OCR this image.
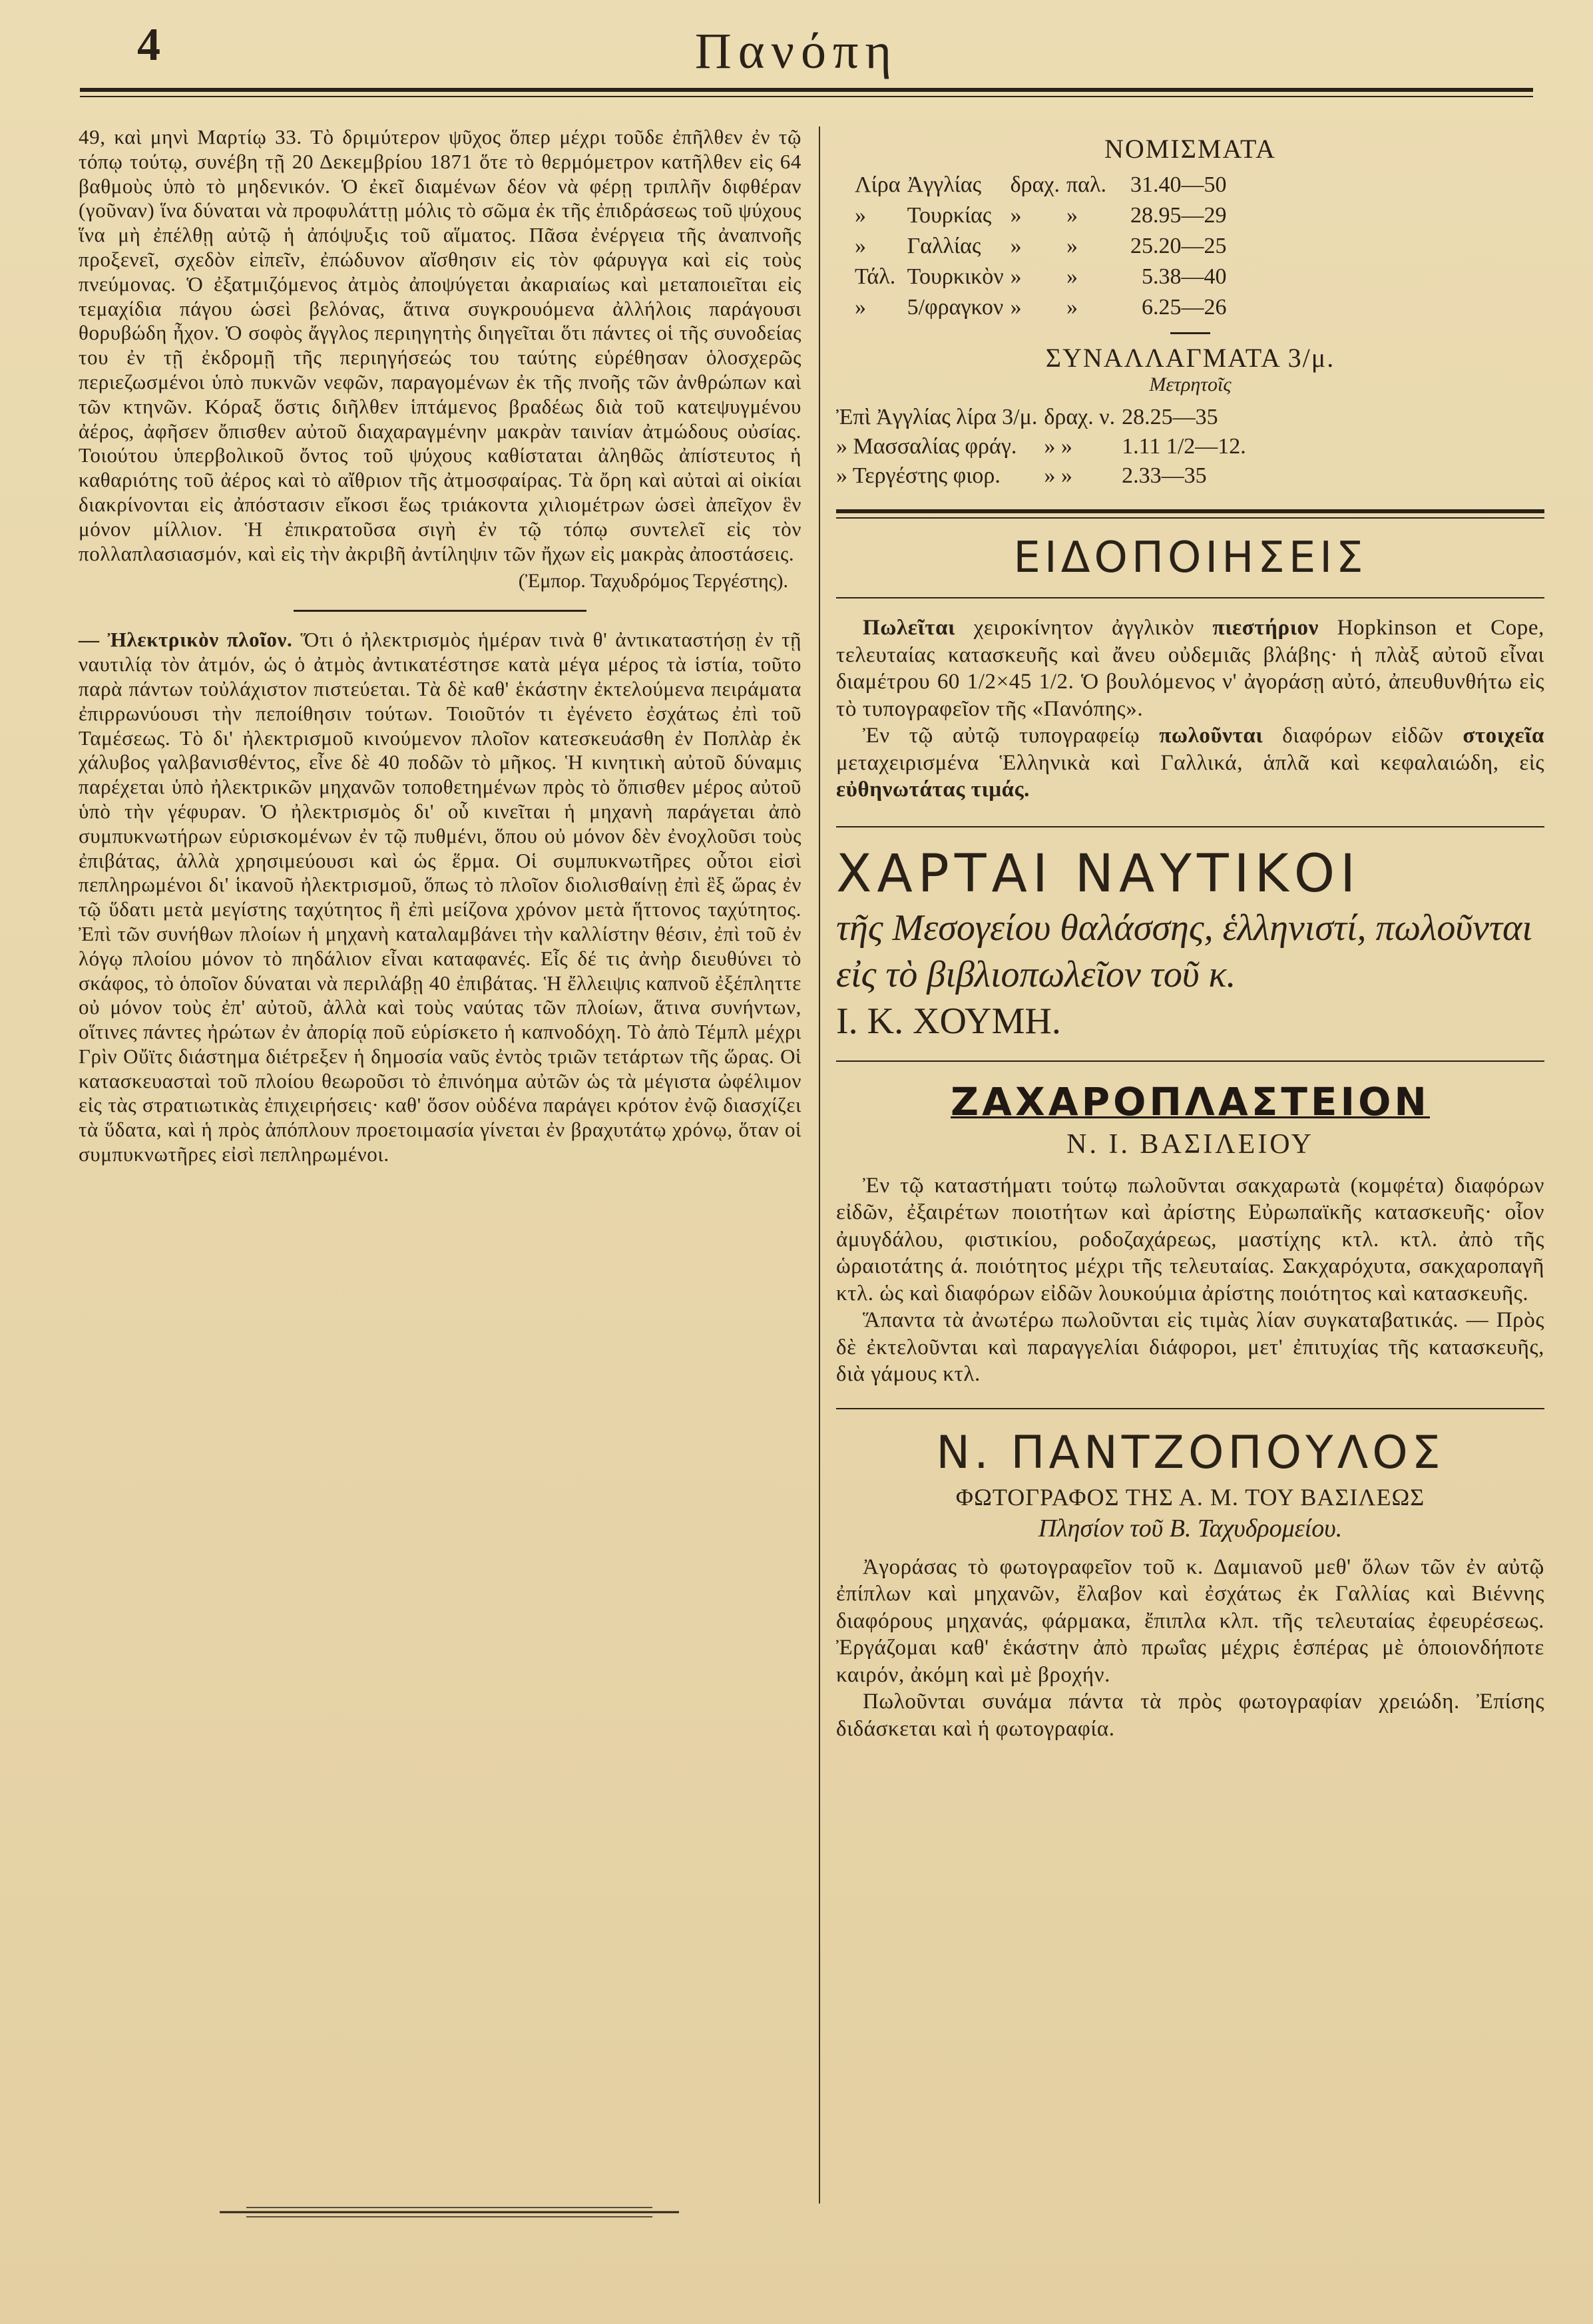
4	Πανόπη

49, καὶ μηνὶ Μαρτίῳ 33. Τὸ δριμύτερον ψῦχος ὅπερ μέχρι τοῦδε ἐπῆλθεν ἐν τῷ τόπῳ τούτῳ, συνέβη τῇ 20 Δεκεμβρίου 1871 ὅτε τὸ θερμόμετρον κατῆλθεν εἰς 64 βαθμοὺς ὑπὸ τὸ μηδενικόν. Ὁ ἐκεῖ διαμένων δέον νὰ φέρῃ τριπλῆν διφθέραν (γοῦναν) ἵνα δύναται νὰ προφυλάττῃ μόλις τὸ σῶμα ἐκ τῆς ἐπιδράσεως τοῦ ψύχους ἵνα μὴ ἐπέλθῃ αὐτῷ ἡ ἀπόψυξις τοῦ αἵματος. Πᾶσα ἐνέργεια τῆς ἀναπνοῆς προξενεῖ, σχεδὸν εἰπεῖν, ἐπώδυνον αἴσθησιν εἰς τὸν φάρυγγα καὶ εἰς τοὺς πνεύμονας. Ὁ ἐξατμιζόμενος ἀτμὸς ἀποψύγεται ἀκαριαίως καὶ μεταποιεῖται εἰς τεμαχίδια πάγου ὡσεὶ βελόνας, ἅτινα συγκρουόμενα ἀλλήλοις παράγουσι θορυβώδη ἦχον. Ὁ σοφὸς ἄγγλος περιηγητὴς διηγεῖται ὅτι πάντες οἱ τῆς συνοδείας του ἐν τῇ ἐκδρομῇ τῆς περιηγήσεώς του ταύτης εὑρέθησαν ὁλοσχερῶς περιεζωσμένοι ὑπὸ πυκνῶν νεφῶν, παραγομένων ἐκ τῆς πνοῆς τῶν ἀνθρώπων καὶ τῶν κτηνῶν. Κόραξ ὅστις διῆλθεν ἱπτάμενος βραδέως διὰ τοῦ κατεψυγμένου ἀέρος, ἀφῆσεν ὄπισθεν αὐτοῦ διαχαραγμένην μακρὰν ταινίαν ἀτμώδους οὐσίας. Τοιούτου ὑπερβολικοῦ ὄντος τοῦ ψύχους καθίσταται ἀληθῶς ἀπίστευτος ἡ καθαριότης τοῦ ἀέρος καὶ τὸ αἴθριον τῆς ἀτμοσφαίρας. Τὰ ὄρη καὶ αὐταὶ αἱ οἰκίαι διακρίνονται εἰς ἀπόστασιν εἴκοσι ἕως τριάκοντα χιλιομέτρων ὡσεὶ ἀπεῖχον ἓν μόνον μίλλιον. Ἡ ἐπικρατοῦσα σιγὴ ἐν τῷ τόπῳ συντελεῖ εἰς τὸν πολλαπλασιασμόν, καὶ εἰς τὴν ἀκριβῆ ἀντίληψιν τῶν ἤχων εἰς μακρὰς ἀποστάσεις.

(Ἐμπορ. Ταχυδρόμος Τεργέστης).

— Ἠλεκτρικὸν πλοῖον. Ὅτι ὁ ἠλεκτρισμὸς ἡμέραν τινὰ θ' ἀντικαταστήσῃ ἐν τῇ ναυτιλίᾳ τὸν ἀτμόν, ὡς ὁ ἀτμὸς ἀντικατέστησε κατὰ μέγα μέρος τὰ ἱστία, τοῦτο παρὰ πάντων τοὐλάχιστον πιστεύεται. Τὰ δὲ καθ' ἑκάστην ἐκτελούμενα πειράματα ἐπιρρωνύουσι τὴν πεποίθησιν τούτων. Τοιοῦτόν τι ἐγένετο ἐσχάτως ἐπὶ τοῦ Ταμέσεως. Τὸ δι' ἠλεκτρισμοῦ κινούμενον πλοῖον κατεσκευάσθη ἐν Ποπλὰρ ἐκ χάλυβος γαλβανισθέντος, εἶνε δὲ 40 ποδῶν τὸ μῆκος. Ἡ κινητικὴ αὐτοῦ δύναμις παρέχεται ὑπὸ ἠλεκτρικῶν μηχανῶν τοποθετημένων πρὸς τὸ ὄπισθεν μέρος αὐτοῦ ὑπὸ τὴν γέφυραν. Ὁ ἠλεκτρισμὸς δι' οὗ κινεῖται ἡ μηχανὴ παράγεται ἀπὸ συμπυκνωτήρων εὑρισκομένων ἐν τῷ πυθμένι, ὅπου οὐ μόνον δὲν ἐνοχλοῦσι τοὺς ἐπιβάτας, ἀλλὰ χρησιμεύουσι καὶ ὡς ἕρμα. Οἱ συμπυκνωτῆρες οὗτοι εἰσὶ πεπληρωμένοι δι' ἱκανοῦ ἠλεκτρισμοῦ, ὅπως τὸ πλοῖον διολισθαίνῃ ἐπὶ ἓξ ὥρας ἐν τῷ ὕδατι μετὰ μεγίστης ταχύτητος ἢ ἐπὶ μείζονα χρόνον μετὰ ἥττονος ταχύτητος. Ἐπὶ τῶν συνήθων πλοίων ἡ μηχανὴ καταλαμβάνει τὴν καλλίστην θέσιν, ἐπὶ τοῦ ἐν λόγῳ πλοίου μόνον τὸ πηδάλιον εἶναι καταφανές. Εἷς δέ τις ἀνὴρ διευθύνει τὸ σκάφος, τὸ ὁποῖον δύναται νὰ περιλάβῃ 40 ἐπιβάτας. Ἡ ἔλλειψις καπνοῦ ἐξέπληττε οὐ μόνον τοὺς ἐπ' αὐτοῦ, ἀλλὰ καὶ τοὺς ναύτας τῶν πλοίων, ἅτινα συνήντων, οἵτινες πάντες ἠρώτων ἐν ἀπορίᾳ ποῦ εὑρίσκετο ἡ καπνοδόχη. Τὸ ἀπὸ Τέμπλ μέχρι Γρὶν Οὔϊτς διάστημα διέτρεξεν ἡ δημοσία ναῦς ἐντὸς τριῶν τετάρτων τῆς ὥρας. Οἱ κατασκευασταὶ τοῦ πλοίου θεωροῦσι τὸ ἐπινόημα αὐτῶν ὡς τὰ μέγιστα ὠφέλιμον εἰς τὰς στρατιωτικὰς ἐπιχειρήσεις· καθ' ὅσον οὐδένα παράγει κρότον ἐνῷ διασχίζει τὰ ὕδατα, καὶ ἡ πρὸς ἀπόπλουν προετοιμασία γίνεται ἐν βραχυτάτῳ χρόνῳ, ὅταν οἱ συμπυκνωτῆρες εἰσὶ πεπληρωμένοι.

ΝΟΜΙΣΜΑΤΑ
Λίρα	Ἀγγλίας	δραχ.	παλ.	31.40—50
»	Τουρκίας	»	»	28.95—29
»	Γαλλίας	»	»	25.20—25
Τάλ.	Τουρκικὸν	»	»	5.38—40
»	5/φραγκον	»	»	6.25—26
ΣΥΝΑΛΛΑΓΜΑΤΑ 3/μ.
Μετρητοῖς
Ἐπὶ Ἀγγλίας λίρα 3/μ.	δραχ. ν.	28.25—35
» Μασσαλίας φράγ.	» »	1.11 1/2—12.
» Τεργέστης φιορ.	» »	2.33—35
ΕΙΔΟΠΟΙΗΣΕΙΣ

Πωλεῖται χειροκίνητον ἀγγλικὸν πιεστήριον Hopkinson et Cope, τελευταίας κατασκευῆς καὶ ἄνευ οὐδεμιᾶς βλάβης· ἡ πλὰξ αὐτοῦ εἶναι διαμέτρου 60 1/2×45 1/2. Ὁ βουλόμενος ν' ἀγοράσῃ αὐτό, ἀπευθυνθήτω εἰς τὸ τυπογραφεῖον τῆς «Πανόπης».

Ἐν τῷ αὐτῷ τυπογραφείῳ πωλοῦνται διαφόρων εἰδῶν στοιχεῖα μεταχειρισμένα Ἑλληνικὰ καὶ Γαλλικά, ἁπλᾶ καὶ κεφαλαιώδη, εἰς εὐθηνωτάτας τιμάς.

ΧΑΡΤΑΙ ΝΑΥΤΙΚΟΙ

τῆς Μεσογείου θαλάσσης, ἑλληνιστί, πωλοῦνται εἰς τὸ βιβλιοπωλεῖον τοῦ κ.

Ι. Κ. ΧΟΥΜΗ.

ΖΑΧΑΡΟΠΛΑΣΤΕΙΟΝ
Ν. Ι. ΒΑΣΙΛΕΙΟΥ

Ἐν τῷ καταστήματι τούτῳ πωλοῦνται σακχαρωτὰ (κομφέτα) διαφόρων εἰδῶν, ἐξαιρέτων ποιοτήτων καὶ ἀρίστης Εὐρωπαϊκῆς κατασκευῆς· οἷον ἀμυγδάλου, φιστικίου, ροδοζαχάρεως, μαστίχης κτλ. κτλ. ἀπὸ τῆς ὡραιοτάτης ά. ποιότητος μέχρι τῆς τελευταίας. Σακχαρόχυτα, σακχαροπαγῆ κτλ. ὡς καὶ διαφόρων εἰδῶν λουκούμια ἀρίστης ποιότητος καὶ κατασκευῆς.

Ἅπαντα τὰ ἀνωτέρω πωλοῦνται εἰς τιμὰς λίαν συγκαταβατικάς. — Πρὸς δὲ ἐκτελοῦνται καὶ παραγγελίαι διάφοροι, μετ' ἐπιτυχίας τῆς κατασκευῆς, διὰ γάμους κτλ.

Ν. ΠΑΝΤΖΟΠΟΥΛΟΣ
ΦΩΤΟΓΡΑΦΟΣ ΤΗΣ Α. Μ. ΤΟΥ ΒΑΣΙΛΕΩΣ
Πλησίον τοῦ Β. Ταχυδρομείου.

Ἀγοράσας τὸ φωτογραφεῖον τοῦ κ. Δαμιανοῦ μεθ' ὅλων τῶν ἐν αὐτῷ ἐπίπλων καὶ μηχανῶν, ἔλαβον καὶ ἐσχάτως ἐκ Γαλλίας καὶ Βιέννης διαφόρους μηχανάς, φάρμακα, ἔπιπλα κλπ. τῆς τελευταίας ἐφευρέσεως. Ἐργάζομαι καθ' ἑκάστην ἀπὸ πρωΐας μέχρις ἑσπέρας μὲ ὁποιονδήποτε καιρόν, ἀκόμη καὶ μὲ βροχήν.

Πωλοῦνται συνάμα πάντα τὰ πρὸς φωτογραφίαν χρειώδη. Ἐπίσης διδάσκεται καὶ ἡ φωτογραφία.
